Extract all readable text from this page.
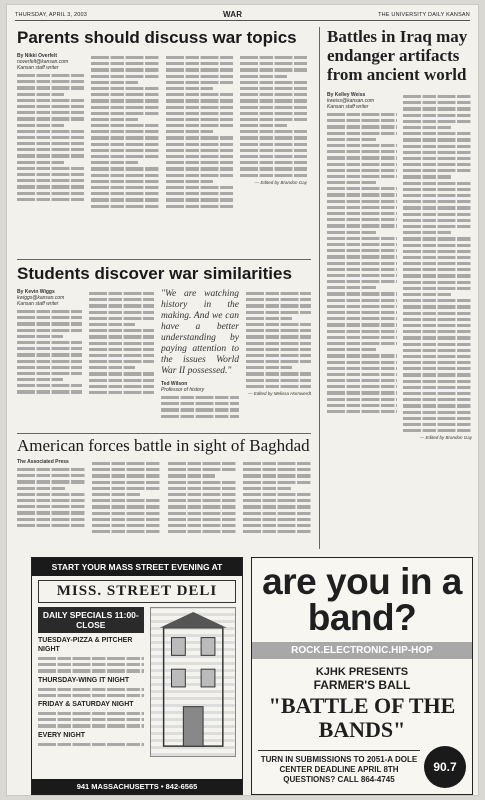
THURSDAY, APRIL 3, 2003	WAR	THE UNIVERSITY DAILY KANSAN
Parents should discuss war topics
By Nikki Overfelt
noverfelt@kansan.com
Kansan staff writer
— Edited by Brandon Gay
Students discover war similarities
By Kevin Wiggs
kwiggs@kansan.com
Kansan staff writer
"We are watching history in the making. And we can have a better understanding by paying attention to the issues World War II possessed."
Ted Wilson
Professor of history
— Edited by Melissa Hornwerdt
Battles in Iraq may endanger artifacts from ancient world
By Kelley Weiss
kweiss@kansan.com
Kansan staff writer
— Edited by Brandon Gay
American forces battle in sight of Baghdad
The Associated Press
START YOUR MASS STREET EVENING AT
MISS. STREET DELI
DAILY SPECIALS 11:00-CLOSE
TUESDAY-PIZZA & PITCHER NIGHT
THURSDAY-WING IT NIGHT
FRIDAY & SATURDAY NIGHT
EVERY NIGHT
941 MASSACHUSETTS • 842-6565
are you in a band?
ROCK.ELECTRONIC.HIP-HOP
KJHK PRESENTS
FARMER'S BALL
"BATTLE OF THE BANDS"
TURN IN SUBMISSIONS TO 2051-A DOLE CENTER DEADLINE APRIL 8TH QUESTIONS? CALL 864-4745
90.7
